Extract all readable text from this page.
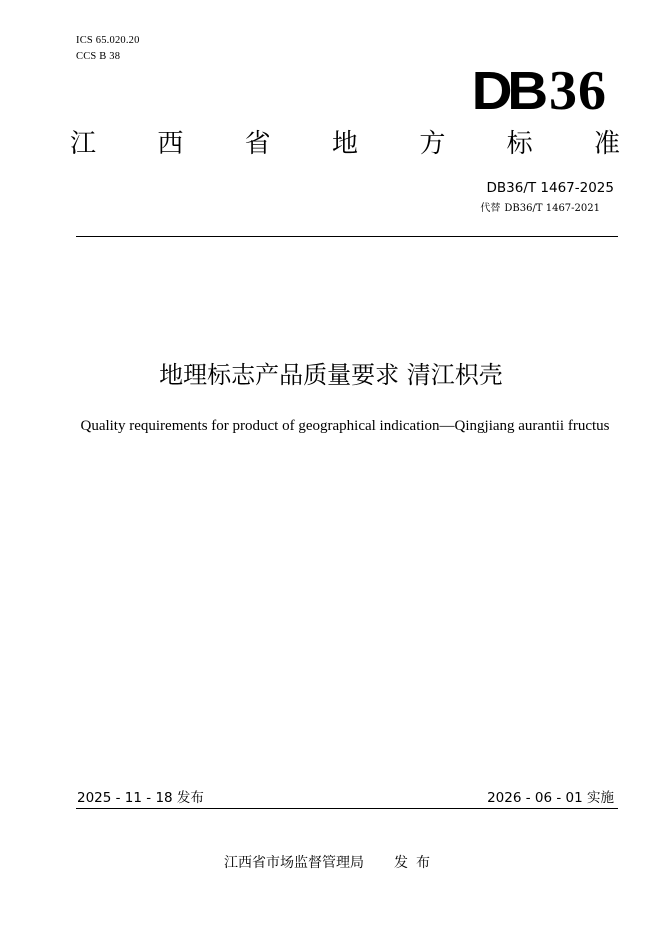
ICS 65.020.20
CCS B 38
DB 36
江 西 省 地 方 标 准
DB36/T 1467-2025
代替 DB36/T 1467-2021
地理标志产品质量要求 清江枳壳
Quality requirements for product of geographical indication—Qingjiang aurantii fructus
2025 - 11 - 18 发布	2026 - 06 - 01 实施
江西省市场监督管理局 发布
